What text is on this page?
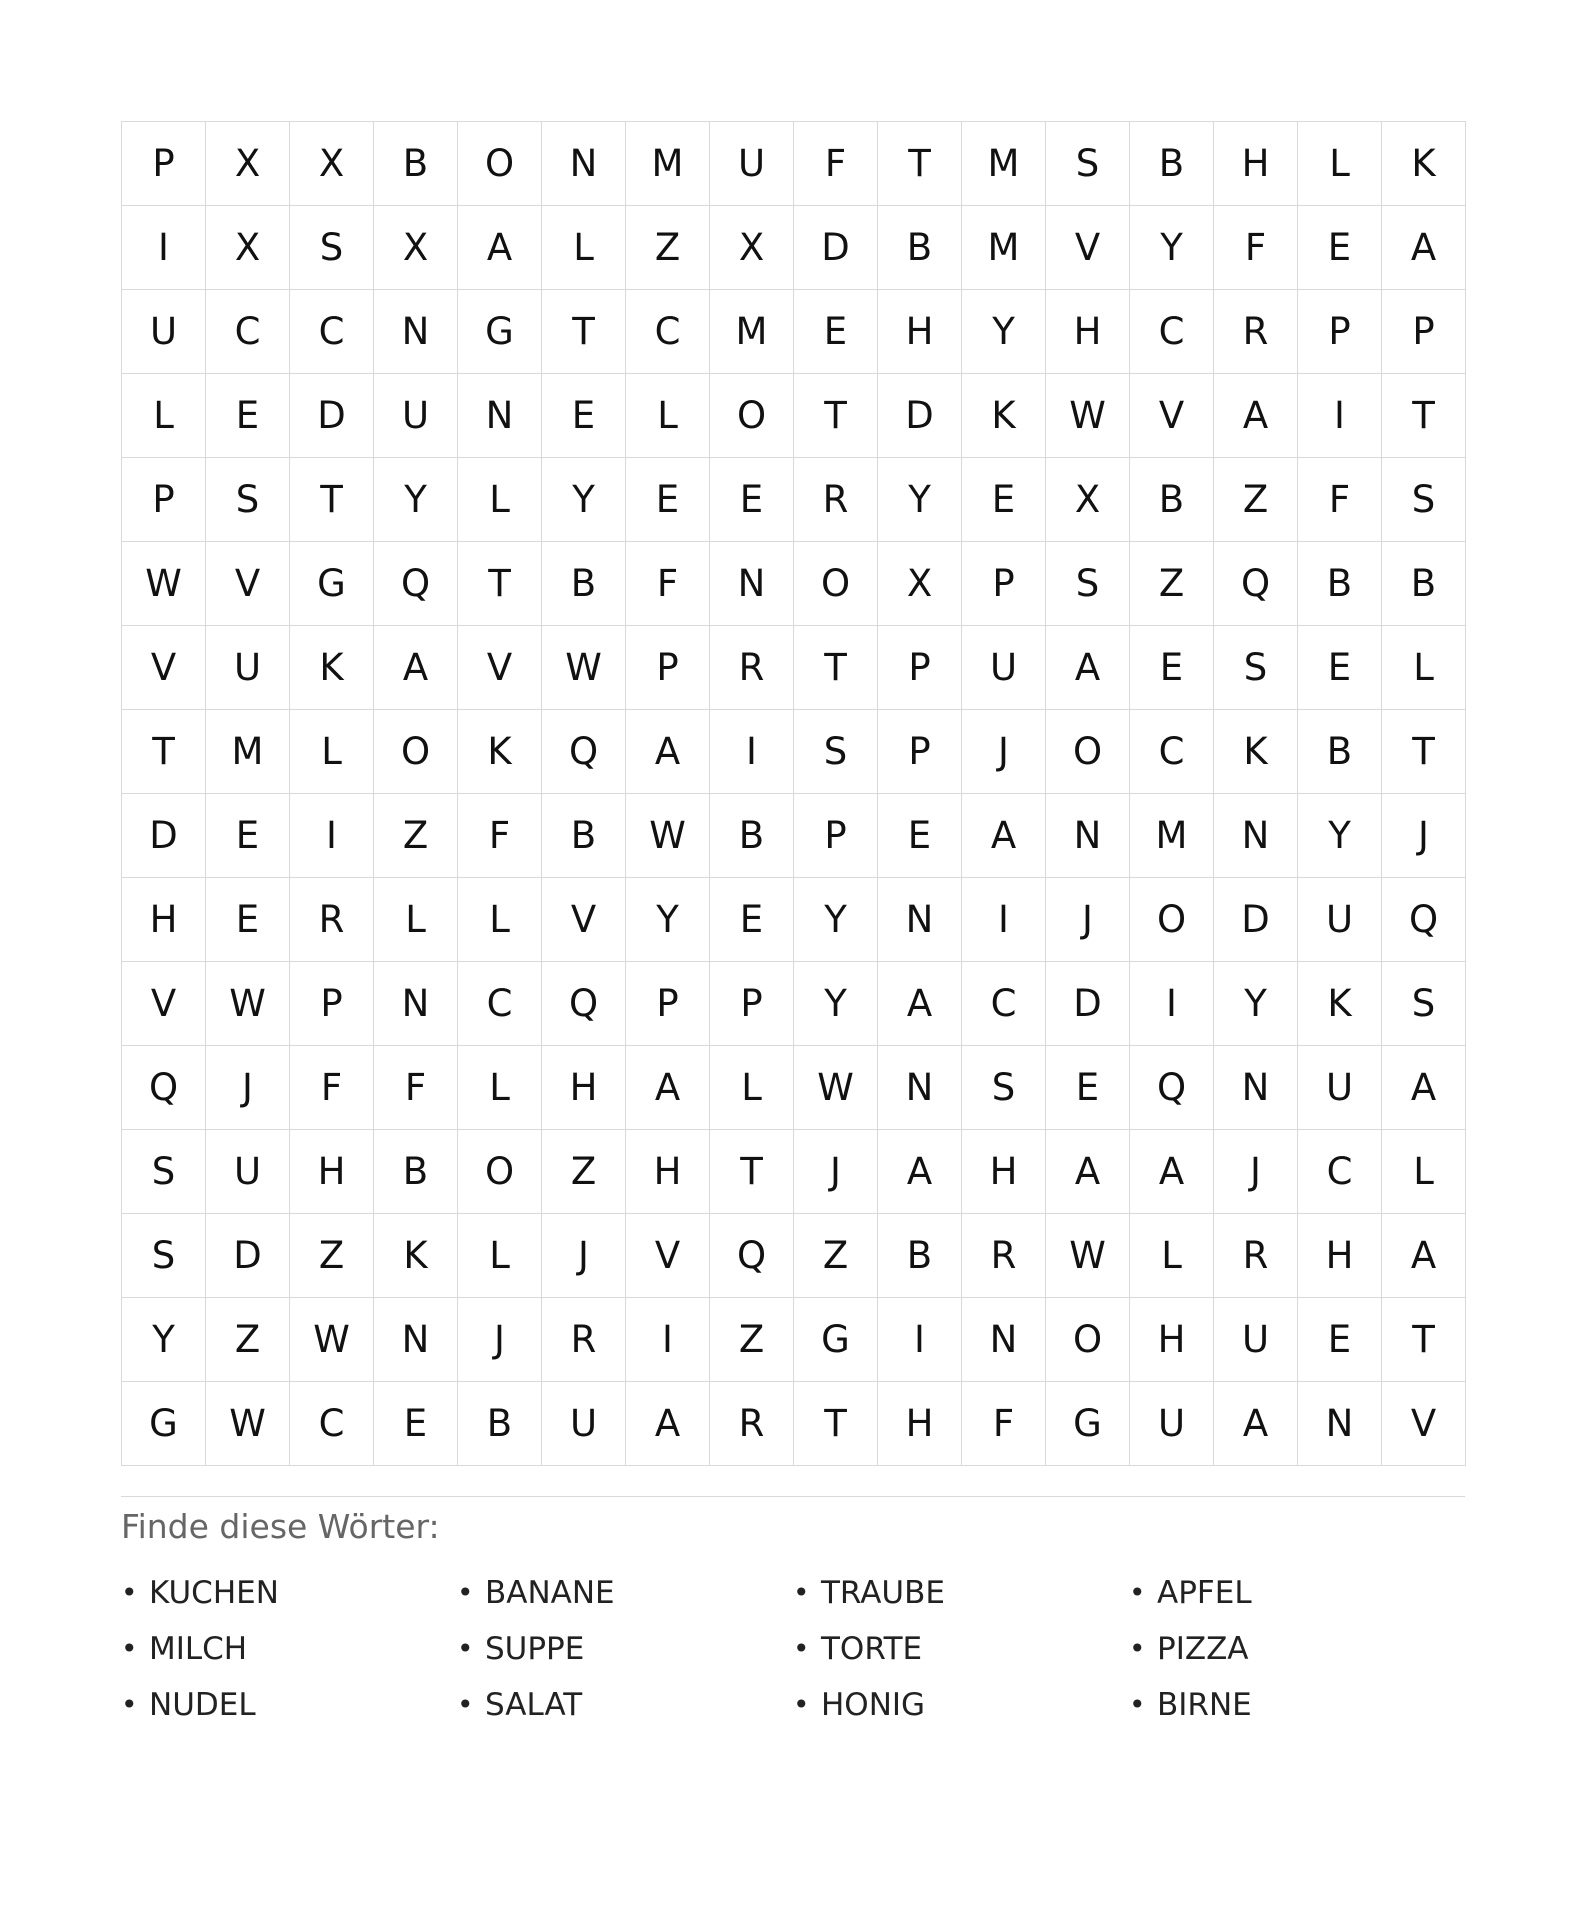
P	X	X	B	O	N	M	U	F	T	M	S	B	H	L	K
I	X	S	X	A	L	Z	X	D	B	M	V	Y	F	E	A
U	C	C	N	G	T	C	M	E	H	Y	H	C	R	P	P
L	E	D	U	N	E	L	O	T	D	K	W	V	A	I	T
P	S	T	Y	L	Y	E	E	R	Y	E	X	B	Z	F	S
W	V	G	Q	T	B	F	N	O	X	P	S	Z	Q	B	B
V	U	K	A	V	W	P	R	T	P	U	A	E	S	E	L
T	M	L	O	K	Q	A	I	S	P	J	O	C	K	B	T
D	E	I	Z	F	B	W	B	P	E	A	N	M	N	Y	J
H	E	R	L	L	V	Y	E	Y	N	I	J	O	D	U	Q
V	W	P	N	C	Q	P	P	Y	A	C	D	I	Y	K	S
Q	J	F	F	L	H	A	L	W	N	S	E	Q	N	U	A
S	U	H	B	O	Z	H	T	J	A	H	A	A	J	C	L
S	D	Z	K	L	J	V	Q	Z	B	R	W	L	R	H	A
Y	Z	W	N	J	R	I	Z	G	I	N	O	H	U	E	T
G	W	C	E	B	U	A	R	T	H	F	G	U	A	N	V
Finde diese Wörter:
• KUCHEN	• BANANE	• TRAUBE	• APFEL
• MILCH	• SUPPE	• TORTE	• PIZZA
• NUDEL	• SALAT	• HONIG	• BIRNE
